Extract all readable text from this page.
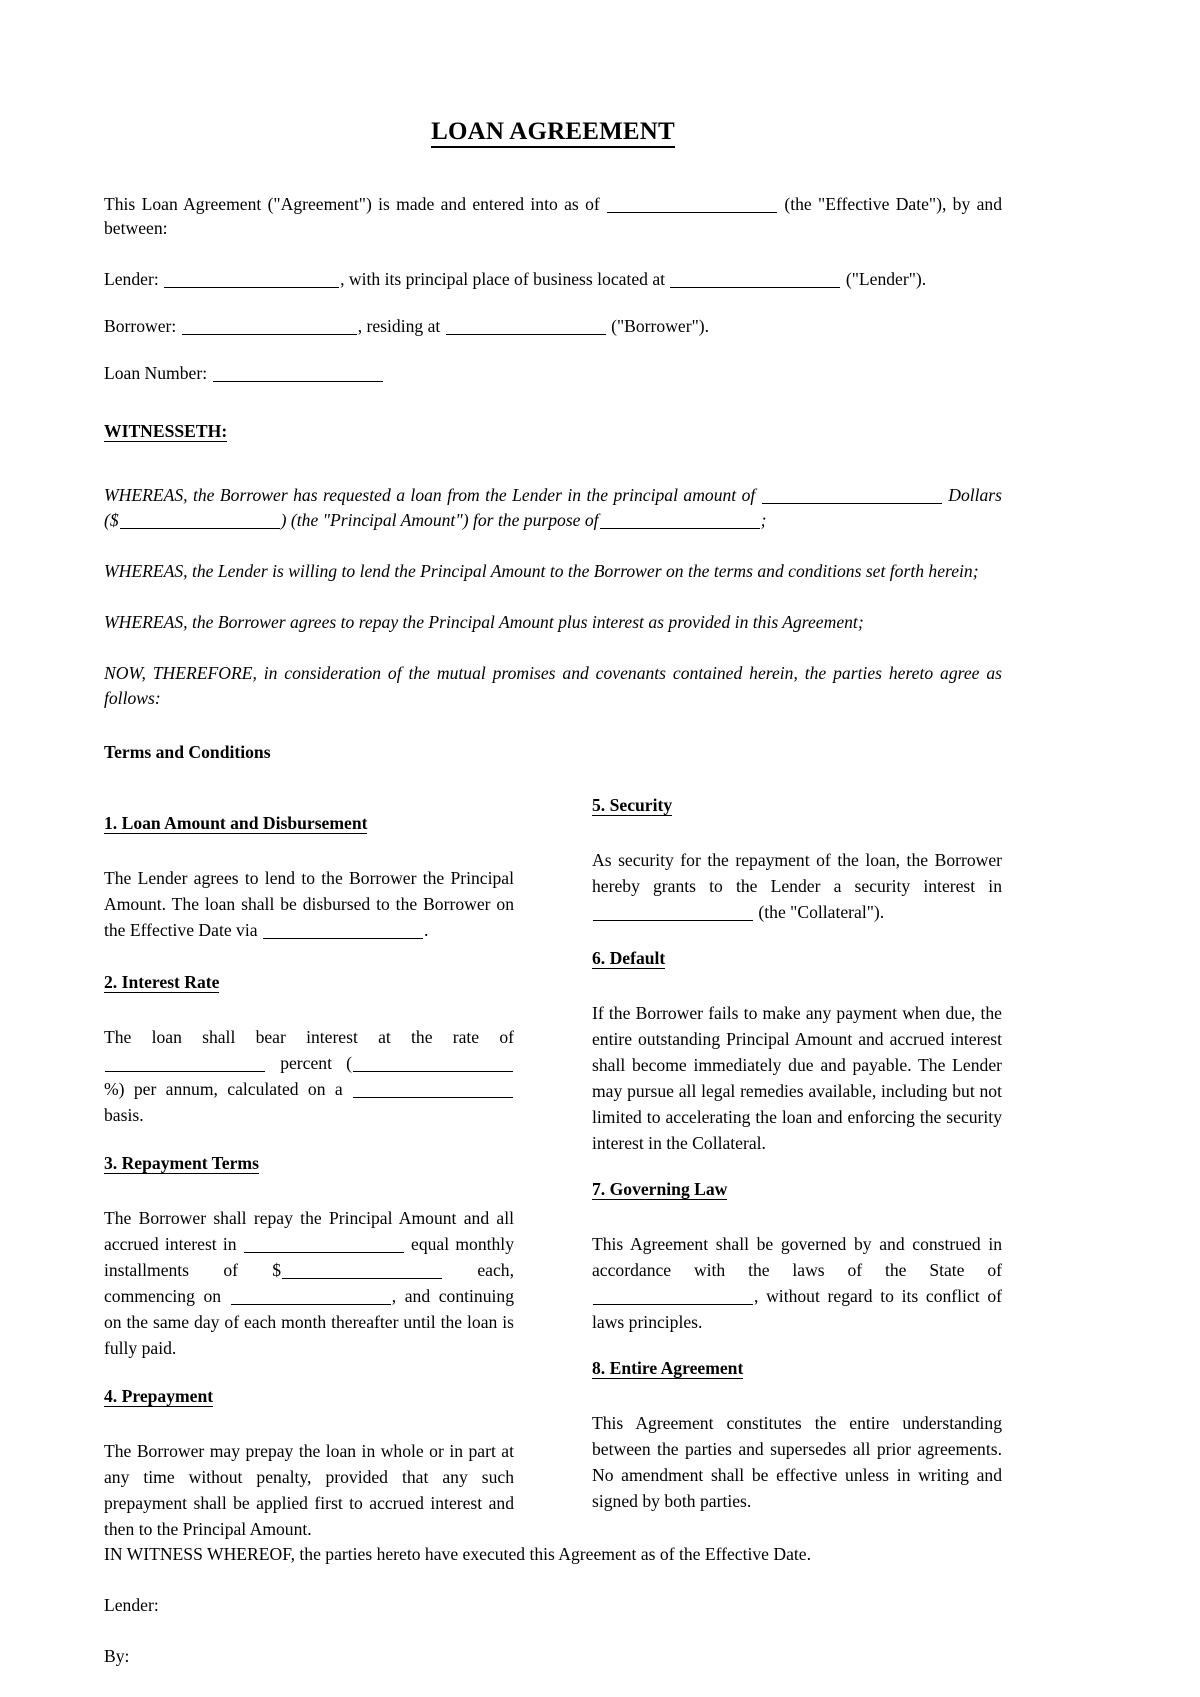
LOAN AGREEMENT

This Loan Agreement ("Agreement") is made and entered into as of	(the "Effective Date"), by and between:

Lender:	, with its principal place of business located at	("Lender").

Borrower:	, residing at	("Borrower").

Loan Number:

WITNESSETH:

WHEREAS, the Borrower has requested a loan from the Lender in the principal amount of	Dollars ($	) (the "Principal Amount") for the purpose of	;

WHEREAS, the Lender is willing to lend the Principal Amount to the Borrower on the terms and conditions set forth herein;

WHEREAS, the Borrower agrees to repay the Principal Amount plus interest as provided in this Agreement;

NOW, THEREFORE, in consideration of the mutual promises and covenants contained herein, the parties hereto agree as follows:

Terms and Conditions

1. Loan Amount and Disbursement

The Lender agrees to lend to the Borrower the Principal Amount. The loan shall be disbursed to the Borrower on the Effective Date via	.

2. Interest Rate

The loan shall bear interest at the rate of  percent (%) per annum, calculated on a basis.

3. Repayment Terms

The Borrower shall repay the Principal Amount and all accrued interest in	equal monthly installments of $	each, commencing on	, and continuing on the same day of each month thereafter until the loan is fully paid.

4. Prepayment

The Borrower may prepay the loan in whole or in part at any time without penalty, provided that any such prepayment shall be applied first to accrued interest and then to the Principal Amount.

5. Security

As security for the repayment of the loan, the Borrower hereby grants to the Lender a security interest in  (the "Collateral").

6. Default

If the Borrower fails to make any payment when due, the entire outstanding Principal Amount and accrued interest shall become immediately due and payable. The Lender may pursue all legal remedies available, including but not limited to accelerating the loan and enforcing the security interest in the Collateral.

7. Governing Law

This Agreement shall be governed by and construed in accordance with the laws of the State of , without regard to its conflict of laws principles.

8. Entire Agreement

This Agreement constitutes the entire understanding between the parties and supersedes all prior agreements. No amendment shall be effective unless in writing and signed by both parties.

IN WITNESS WHEREOF, the parties hereto have executed this Agreement as of the Effective Date.

Lender:

By:
